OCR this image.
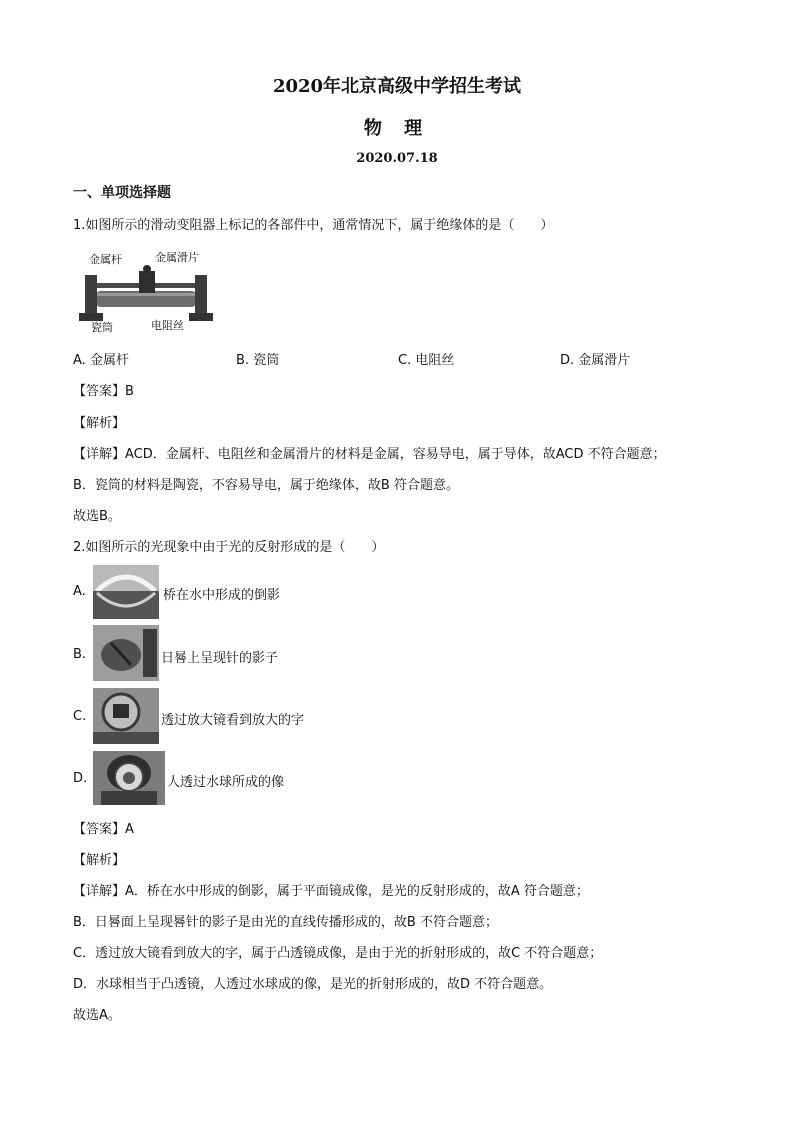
2020年北京高级中学招生考试
物 理
2020.07.18
一、单项选择题
1.如图所示的滑动变阻器上标记的各部件中，通常情况下，属于绝缘体的是（　　）
金属杆	金属滑片
瓷筒	电阻丝
A. 金属杆	B. 瓷筒	C. 电阻丝	D. 金属滑片
【答案】B
【解析】
【详解】ACD．金属杆、电阻丝和金属滑片的材料是金属，容易导电，属于导体，故ACD 不符合题意；
B．瓷筒的材料是陶瓷，不容易导电，属于绝缘体，故B 符合题意。
故选B。
2.如图所示的光现象中由于光的反射形成的是（　　）
A.	桥在水中形成的倒影
B.	日晷上呈现针的影子
C.	透过放大镜看到放大的字
D.	人透过水球所成的像
【答案】A
【解析】
【详解】A．桥在水中形成的倒影，属于平面镜成像，是光的反射形成的，故A 符合题意；
B．日晷面上呈现晷针的影子是由光的直线传播形成的，故B 不符合题意；
C．透过放大镜看到放大的字，属于凸透镜成像，是由于光的折射形成的，故C 不符合题意；
D．水球相当于凸透镜，人透过水球成的像，是光的折射形成的，故D 不符合题意。
故选A。
